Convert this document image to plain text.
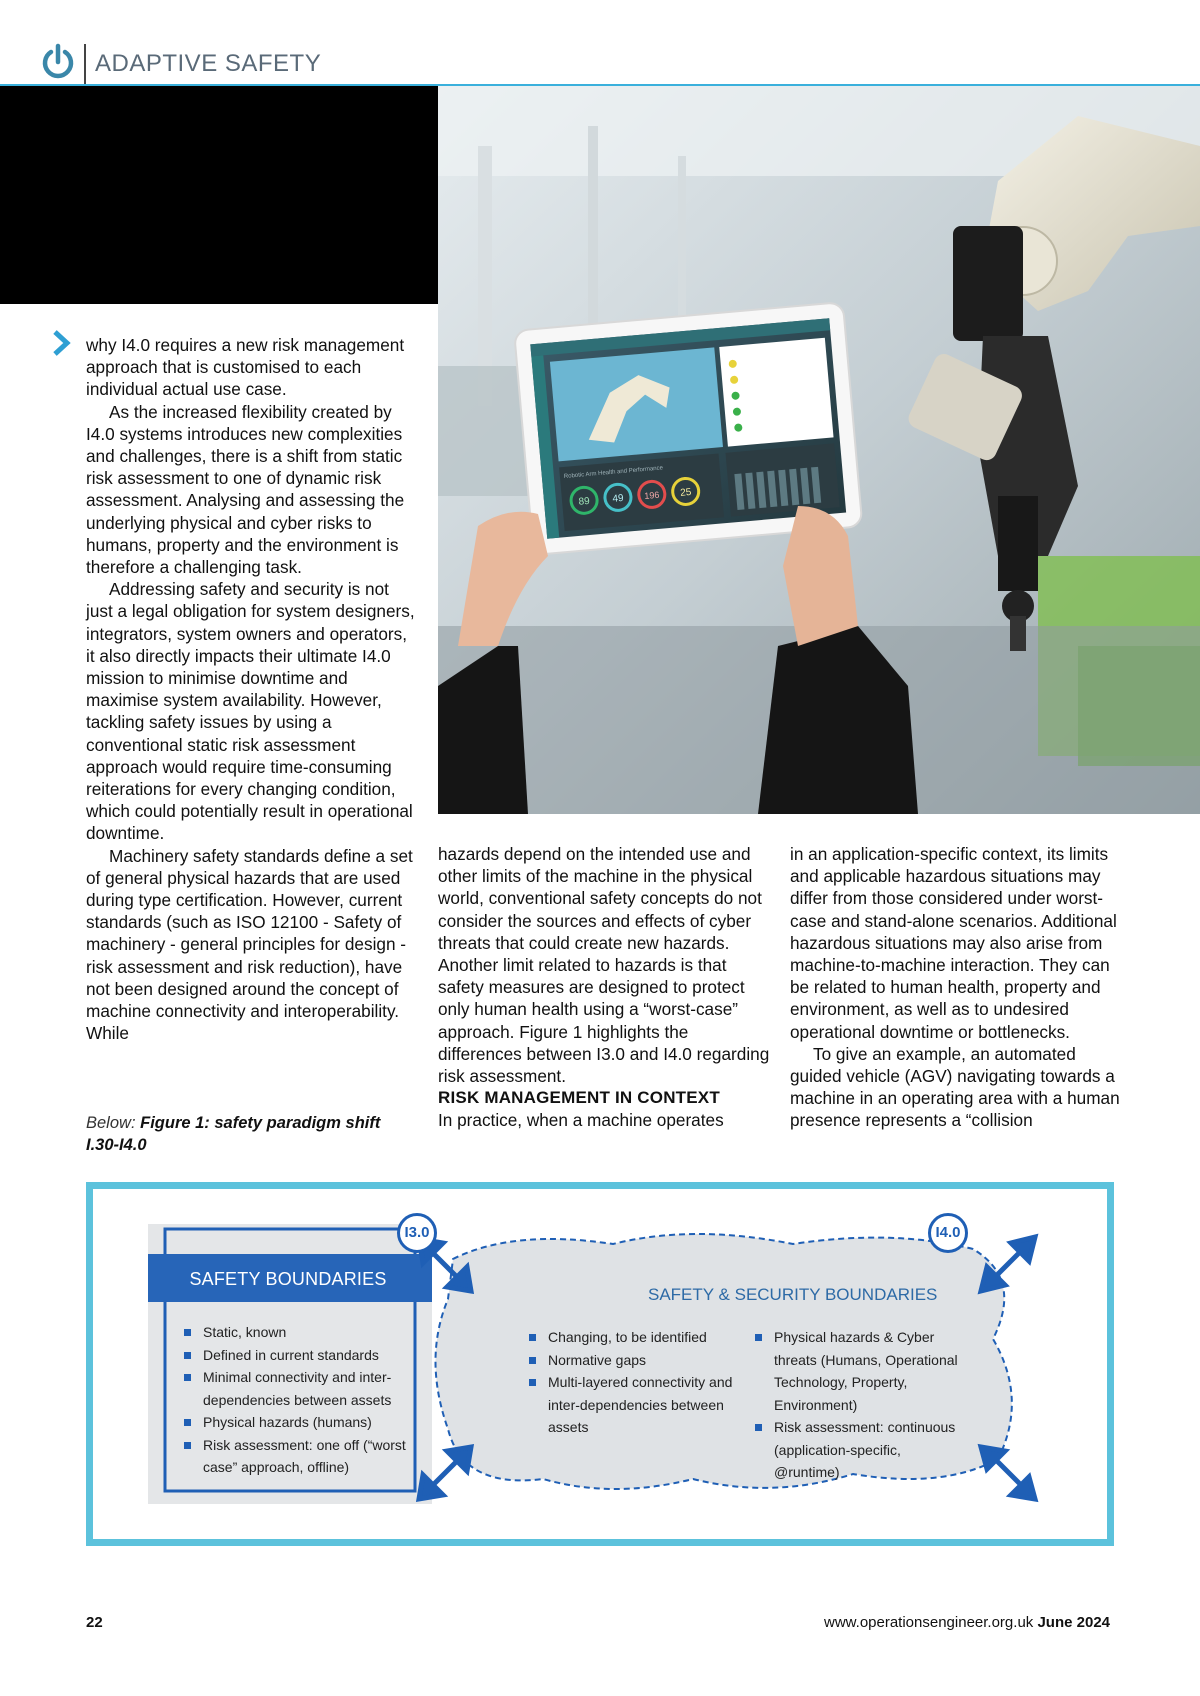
ADAPTIVE SAFETY
89 49 196 25
Robotic Arm Health and Performance

why I4.0 requires a new risk management approach that is customised to each individual actual use case.

As the increased flexibility created by I4.0 systems introduces new complexities and challenges, there is a shift from static risk assessment to one of dynamic risk assessment. Analysing and assessing the underlying physical and cyber risks to humans, property and the environment is therefore a challenging task.

Addressing safety and security is not just a legal obligation for system designers, integrators, system owners and operators, it also directly impacts their ultimate I4.0 mission to minimise downtime and maximise system availability. However, tackling safety issues by using a conventional static risk assessment approach would require time-consuming reiterations for every changing condition, which could potentially result in operational downtime.

Machinery safety standards define a set of general physical hazards that are used during type certification. However, current standards (such as ISO 12100 - Safety of machinery - general principles for design - risk assessment and risk reduction), have not been designed around the concept of machine connectivity and interoperability. While

Below: Figure 1: safety paradigm shift I.30-I4.0

hazards depend on the intended use and other limits of the machine in the physical world, conventional safety concepts do not consider the sources and effects of cyber threats that could create new hazards. Another limit related to hazards is that safety measures are designed to protect only human health using a “worst-case” approach. Figure 1 highlights the differences between I3.0 and I4.0 regarding risk assessment.

RISK MANAGEMENT IN CONTEXT

In practice, when a machine operates

in an application-specific context, its limits and applicable hazardous situations may differ from those considered under worst-case and stand-alone scenarios. Additional hazardous situations may also arise from machine-to-machine interaction. They can be related to human health, property and environment, as well as to undesired operational downtime or bottlenecks.

To give an example, an automated guided vehicle (AGV) navigating towards a machine in an operating area with a human presence represents a “collision

I3.0	I4.0
SAFETY BOUNDARIES
SAFETY & SECURITY BOUNDARIES
Static, known
Defined in current standards
Minimal connectivity and inter-dependencies between assets
Physical hazards (humans)
Risk assessment: one off (“worst case” approach, offline)
Changing, to be identified
Normative gaps
Multi-layered connectivity and inter-dependencies between assets
Physical hazards & Cyber threats (Humans, Operational Technology, Property, Environment)
Risk assessment: continuous (application-specific, @runtime)
22	www.operationsengineer.org.uk June 2024
